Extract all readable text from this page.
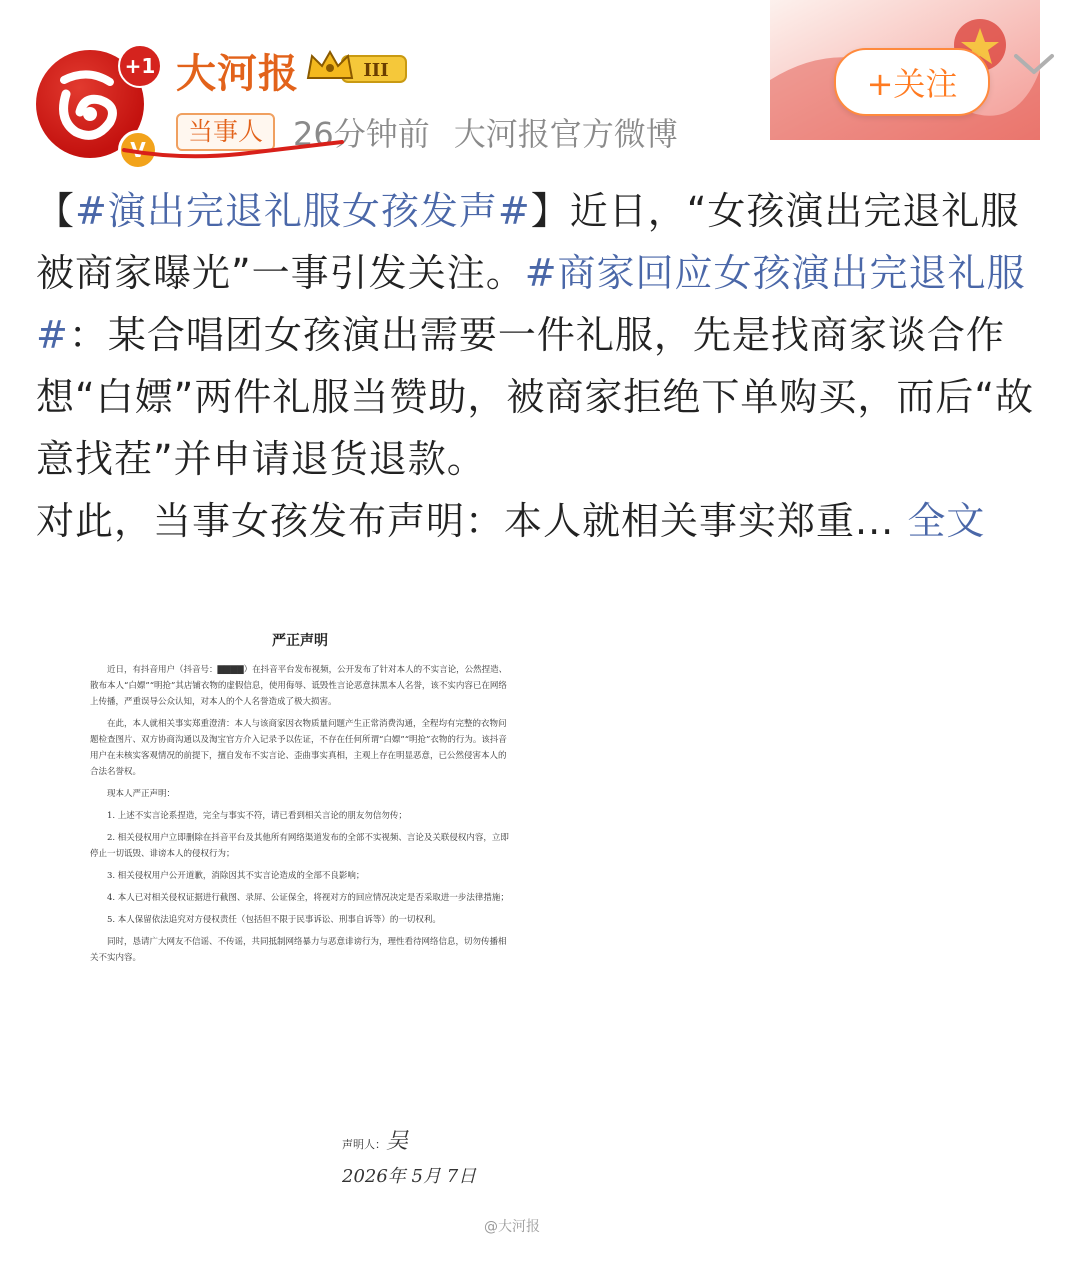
+1
V
大河报	III
当事人 26分钟前 大河报官方微博
+关注
【#演出完退礼服女孩发声#】近日，“女孩演出完退礼服被商家曝光”一事引发关注。#商家回应女孩演出完退礼服#：某合唱团女孩演出需要一件礼服，先是找商家谈合作想“白嫖”两件礼服当赞助，被商家拒绝下单购买，而后“故意找茬”并申请退货退款。
对此，当事女孩发布声明：本人就相关事实郑重... 全文
严正声明

近日，有抖音用户（抖音号：▇▇▇▇）在抖音平台发布视频，公开发布了针对本人的不实言论，公然捏造、散布本人“白嫖”“明抢”其店铺衣物的虚假信息，使用侮辱、诋毁性言论恶意抹黑本人名誉，该不实内容已在网络上传播，严重误导公众认知，对本人的个人名誉造成了极大损害。

在此，本人就相关事实郑重澄清：本人与该商家因衣物质量问题产生正常消费沟通，全程均有完整的衣物问题检查图片、双方协商沟通以及淘宝官方介入记录予以佐证，不存在任何所谓“白嫖”“明抢”衣物的行为。该抖音用户在未核实客观情况的前提下，擅自发布不实言论、歪曲事实真相，主观上存在明显恶意，已公然侵害本人的合法名誉权。

现本人严正声明：

1. 上述不实言论系捏造，完全与事实不符，请已看到相关言论的朋友勿信勿传；

2. 相关侵权用户立即删除在抖音平台及其他所有网络渠道发布的全部不实视频、言论及关联侵权内容，立即停止一切诋毁、诽谤本人的侵权行为；

3. 相关侵权用户公开道歉，消除因其不实言论造成的全部不良影响；

4. 本人已对相关侵权证据进行截图、录屏、公证保全，将视对方的回应情况决定是否采取进一步法律措施；

5. 本人保留依法追究对方侵权责任（包括但不限于民事诉讼、刑事自诉等）的一切权利。

同时，恳请广大网友不信谣、不传谣，共同抵制网络暴力与恶意诽谤行为，理性看待网络信息，切勿传播相关不实内容。

声明人：吴
2026年 5月 7日
@大河报
